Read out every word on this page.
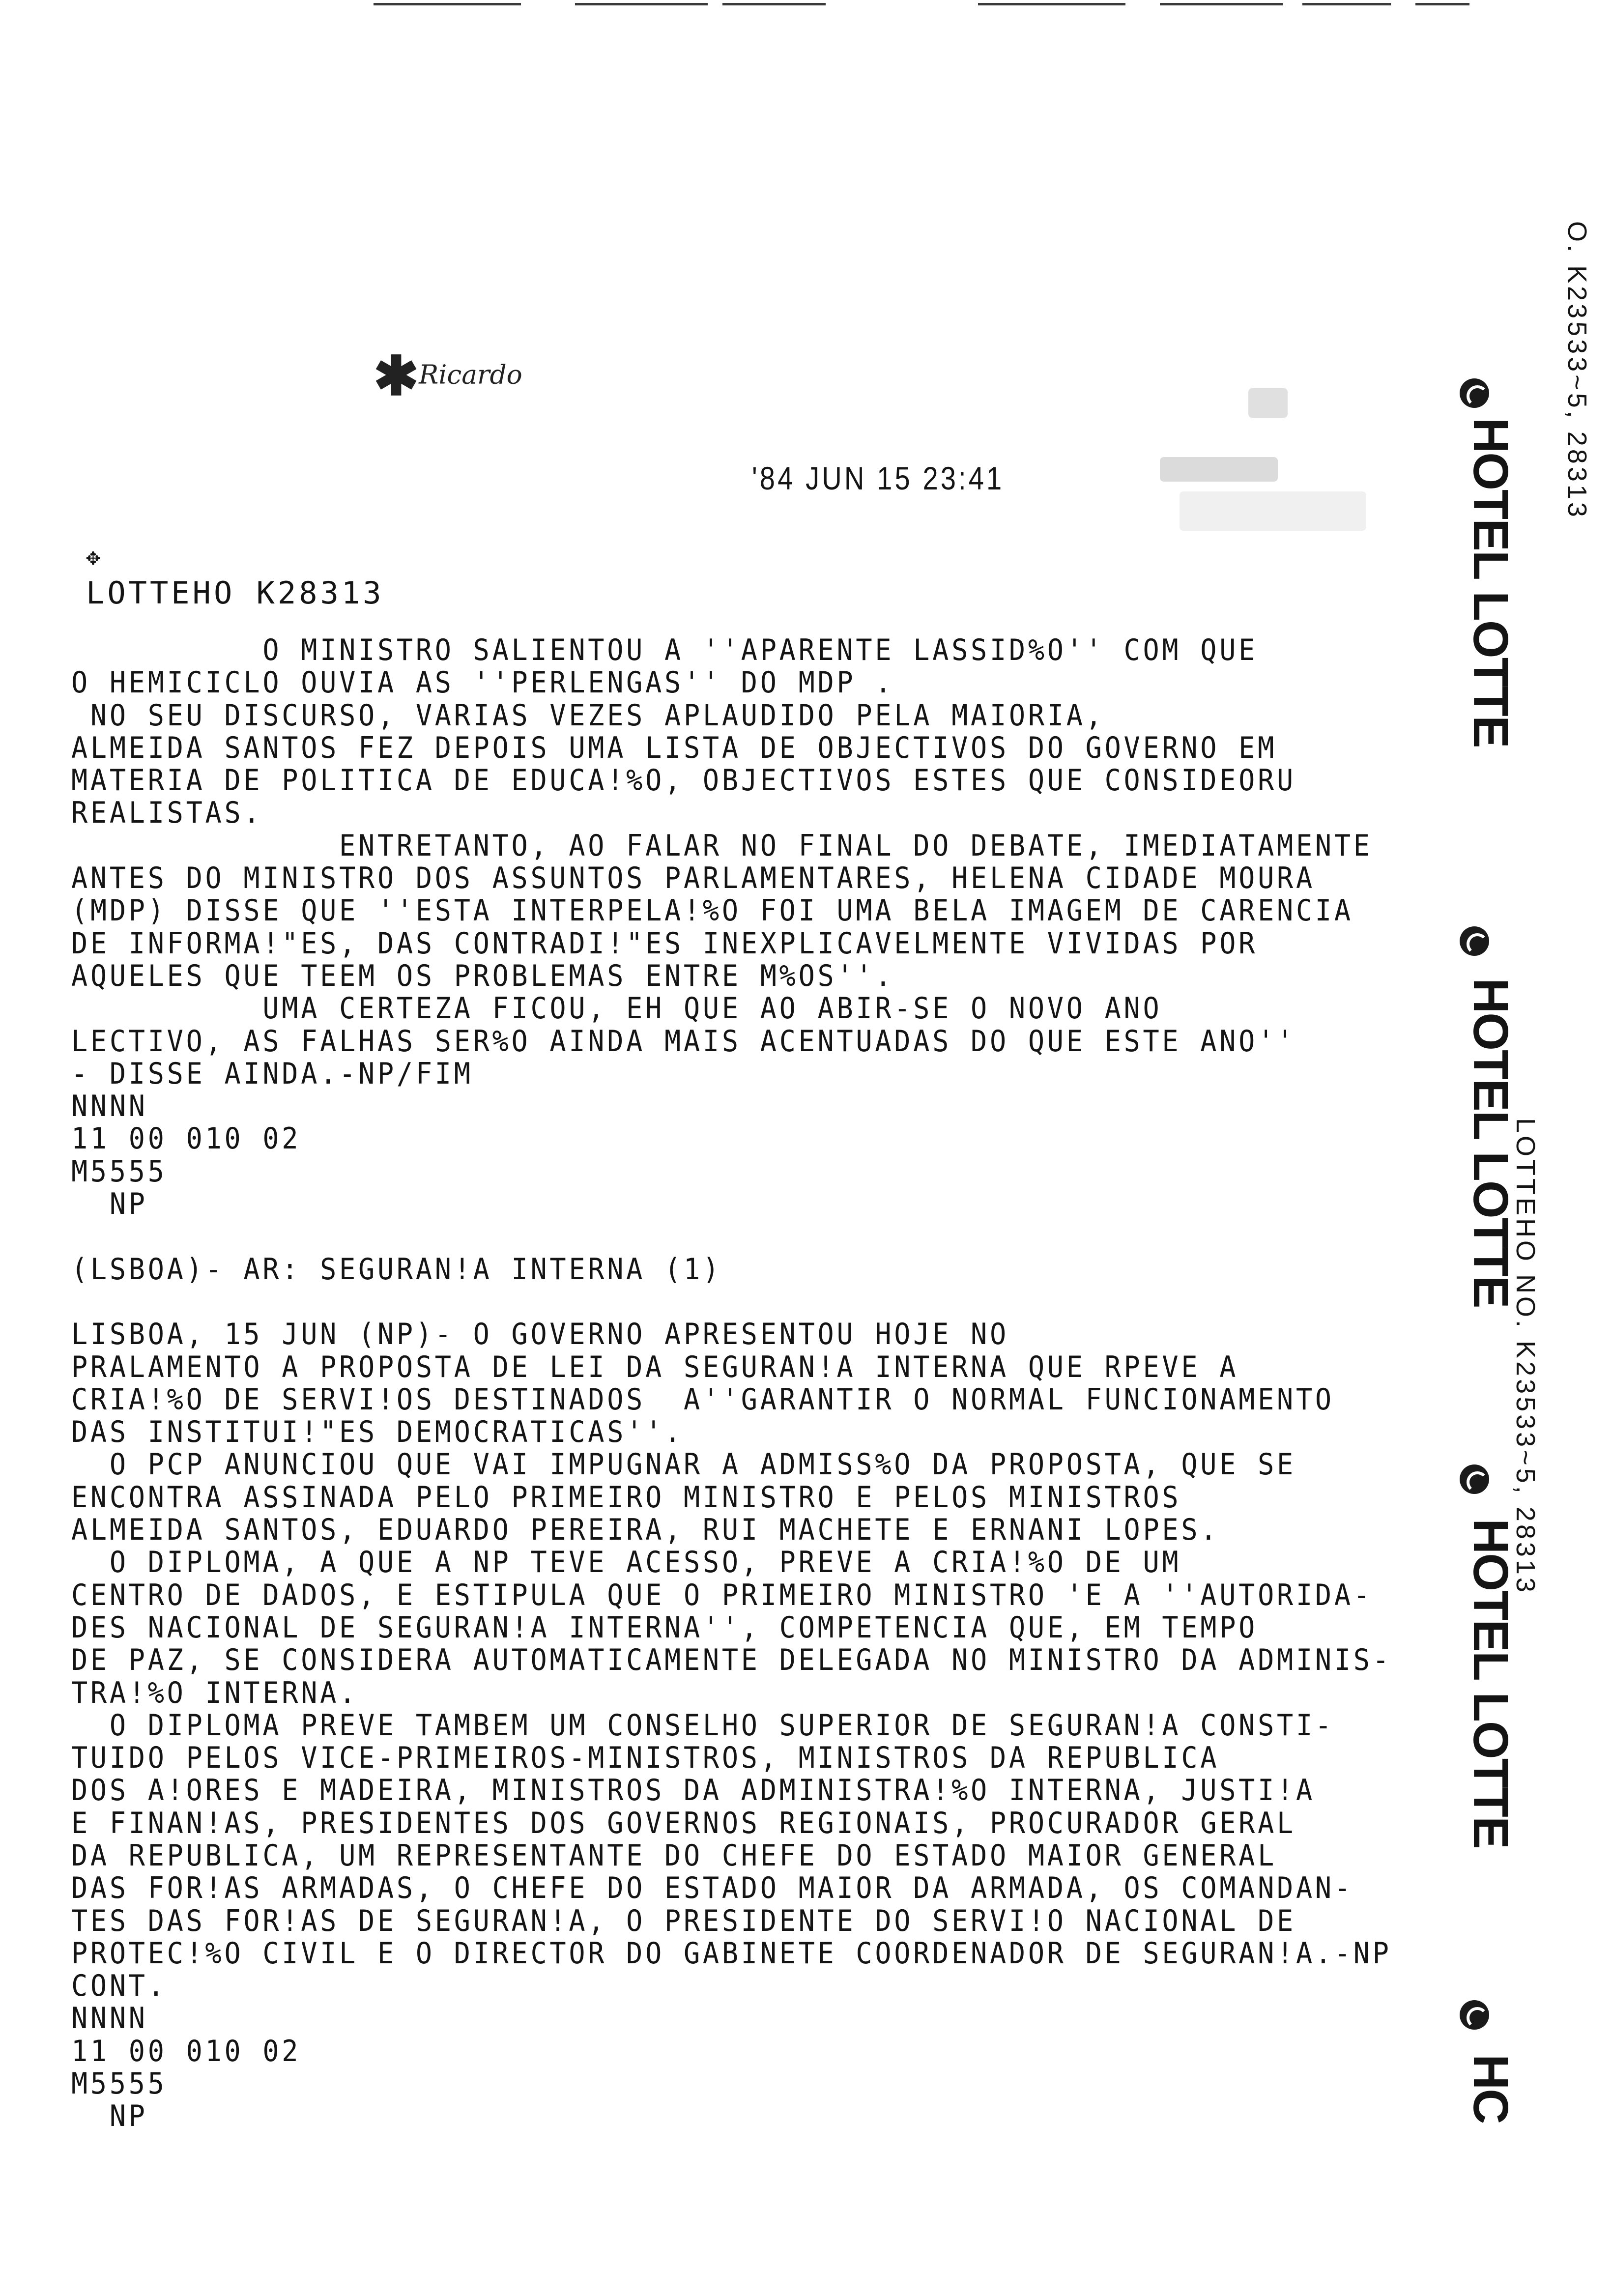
✱$^{Ricardo}$
'84 JUN 15 23:41
✥
LOTTEHO K28313
O MINISTRO SALIENTOU A ''APARENTE LASSID%O'' COM QUE
O HEMICICLO OUVIA AS ''PERLENGAS'' DO MDP .
NO SEU DISCURSO, VARIAS VEZES APLAUDIDO PELA MAIORIA,
ALMEIDA SANTOS FEZ DEPOIS UMA LISTA DE OBJECTIVOS DO GOVERNO EM
MATERIA DE POLITICA DE EDUCA!%O, OBJECTIVOS ESTES QUE CONSIDEORU
REALISTAS.
ENTRETANTO, AO FALAR NO FINAL DO DEBATE, IMEDIATAMENTE
ANTES DO MINISTRO DOS ASSUNTOS PARLAMENTARES, HELENA CIDADE MOURA
(MDP) DISSE QUE ''ESTA INTERPELA!%O FOI UMA BELA IMAGEM DE CARENCIA
DE INFORMA!"ES, DAS CONTRADI!"ES INEXPLICAVELMENTE VIVIDAS POR
AQUELES QUE TEEM OS PROBLEMAS ENTRE M%OS''.
UMA CERTEZA FICOU, EH QUE AO ABIR-SE O NOVO ANO
LECTIVO, AS FALHAS SER%O AINDA MAIS ACENTUADAS DO QUE ESTE ANO''
- DISSE AINDA.-NP/FIM
NNNN
11 00 010 02
M5555
NP
(LSBOA)- AR: SEGURAN!A INTERNA (1)
LISBOA, 15 JUN (NP)- O GOVERNO APRESENTOU HOJE NO
PRALAMENTO A PROPOSTA DE LEI DA SEGURAN!A INTERNA QUE RPEVE A
CRIA!%O DE SERVI!OS DESTINADOS  A''GARANTIR O NORMAL FUNCIONAMENTO
DAS INSTITUI!"ES DEMOCRATICAS''.
O PCP ANUNCIOU QUE VAI IMPUGNAR A ADMISS%O DA PROPOSTA, QUE SE
ENCONTRA ASSINADA PELO PRIMEIRO MINISTRO E PELOS MINISTROS
ALMEIDA SANTOS, EDUARDO PEREIRA, RUI MACHETE E ERNANI LOPES.
O DIPLOMA, A QUE A NP TEVE ACESSO, PREVE A CRIA!%O DE UM
CENTRO DE DADOS, E ESTIPULA QUE O PRIMEIRO MINISTRO 'E A ''AUTORIDA-
DES NACIONAL DE SEGURAN!A INTERNA'', COMPETENCIA QUE, EM TEMPO
DE PAZ, SE CONSIDERA AUTOMATICAMENTE DELEGADA NO MINISTRO DA ADMINIS-
TRA!%O INTERNA.
O DIPLOMA PREVE TAMBEM UM CONSELHO SUPERIOR DE SEGURAN!A CONSTI-
TUIDO PELOS VICE-PRIMEIROS-MINISTROS, MINISTROS DA REPUBLICA
DOS A!ORES E MADEIRA, MINISTROS DA ADMINISTRA!%O INTERNA, JUSTI!A
E FINAN!AS, PRESIDENTES DOS GOVERNOS REGIONAIS, PROCURADOR GERAL
DA REPUBLICA, UM REPRESENTANTE DO CHEFE DO ESTADO MAIOR GENERAL
DAS FOR!AS ARMADAS, O CHEFE DO ESTADO MAIOR DA ARMADA, OS COMANDAN-
TES DAS FOR!AS DE SEGURAN!A, O PRESIDENTE DO SERVI!O NACIONAL DE
PROTEC!%O CIVIL E O DIRECTOR DO GABINETE COORDENADOR DE SEGURAN!A.-NP
CONT.
NNNN
11 00 010 02
M5555
NP
O. K23533~5, 28313
HOTEL LOTTE
HOTEL LOTTE
LOTTEHO NO. K23533~5, 28313
HOTEL LOTTE
HC
